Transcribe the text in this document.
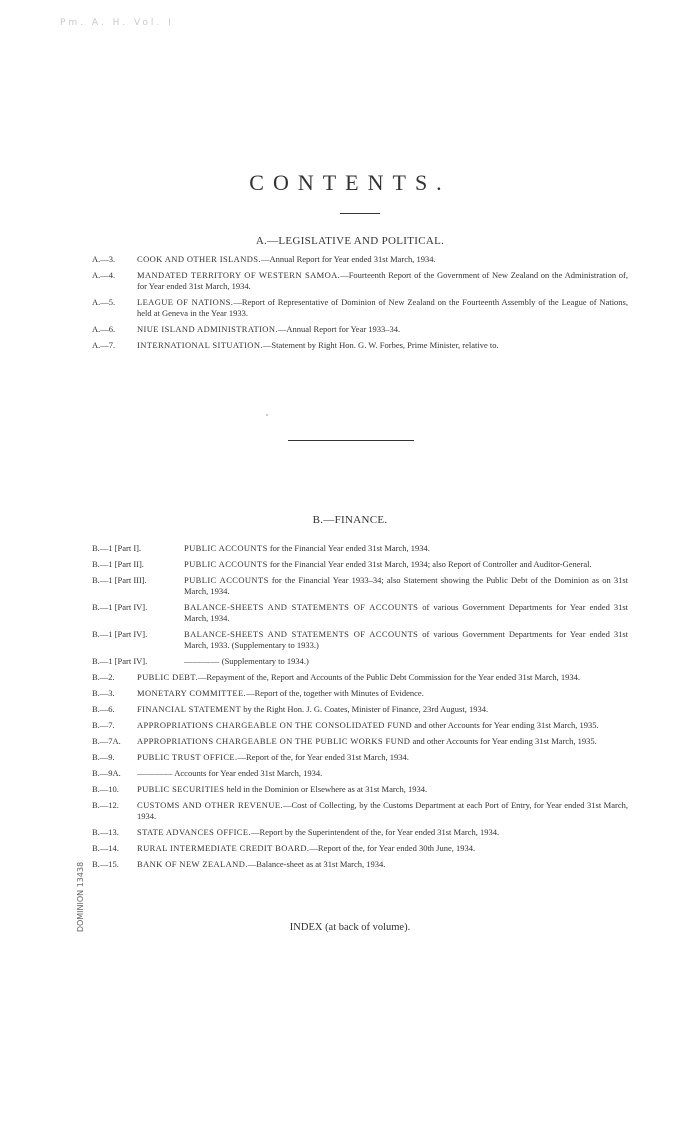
Pm. A. H. Vol. I
CONTENTS.
A.—LEGISLATIVE AND POLITICAL.
A.—3.	COOK AND OTHER ISLANDS.—Annual Report for Year ended 31st March, 1934.
A.—4.	MANDATED TERRITORY OF WESTERN SAMOA.—Fourteenth Report of the Government of New Zealand on the Administration of, for Year ended 31st March, 1934.
A.—5.	LEAGUE OF NATIONS.—Report of Representative of Dominion of New Zealand on the Fourteenth Assembly of the League of Nations, held at Geneva in the Year 1933.
A.—6.	NIUE ISLAND ADMINISTRATION.—Annual Report for Year 1933–34.
A.—7.	INTERNATIONAL SITUATION.—Statement by Right Hon. G. W. Forbes, Prime Minister, relative to.
B.—FINANCE.
B.—1 [Part I].	PUBLIC ACCOUNTS for the Financial Year ended 31st March, 1934.
B.—1 [Part II].	PUBLIC ACCOUNTS for the Financial Year ended 31st March, 1934; also Report of Controller and Auditor-General.
B.—1 [Part III].	PUBLIC ACCOUNTS for the Financial Year 1933–34; also Statement showing the Public Debt of the Dominion as on 31st March, 1934.
B.—1 [Part IV].	BALANCE-SHEETS AND STATEMENTS OF ACCOUNTS of various Government Departments for Year ended 31st March, 1934.
B.—1 [Part IV].	BALANCE-SHEETS AND STATEMENTS OF ACCOUNTS of various Government Departments for Year ended 31st March, 1933. (Supplementary to 1933.)
B.—1 [Part IV].	———— (Supplementary to 1934.)
B.—2.	PUBLIC DEBT.—Repayment of the, Report and Accounts of the Public Debt Commission for the Year ended 31st March, 1934.
B.—3.	MONETARY COMMITTEE.—Report of the, together with Minutes of Evidence.
B.—6.	FINANCIAL STATEMENT by the Right Hon. J. G. Coates, Minister of Finance, 23rd August, 1934.
B.—7.	APPROPRIATIONS CHARGEABLE ON THE CONSOLIDATED FUND and other Accounts for Year ending 31st March, 1935.
B.—7A. APPROPRIATIONS CHARGEABLE ON THE PUBLIC WORKS FUND and other Accounts for Year ending 31st March, 1935.
B.—9.	PUBLIC TRUST OFFICE.—Report of the, for Year ended 31st March, 1934.
B.—9A. ———— Accounts for Year ended 31st March, 1934.
B.—10. PUBLIC SECURITIES held in the Dominion or Elsewhere as at 31st March, 1934.
B.—12. CUSTOMS AND OTHER REVENUE.—Cost of Collecting, by the Customs Department at each Port of Entry, for Year ended 31st March, 1934.
B.—13. STATE ADVANCES OFFICE.—Report by the Superintendent of the, for Year ended 31st March, 1934.
B.—14. RURAL INTERMEDIATE CREDIT BOARD.—Report of the, for Year ended 30th June, 1934.
B.—15. BANK OF NEW ZEALAND.—Balance-sheet as at 31st March, 1934.
DOMINION 13438	INDEX (at back of volume).
